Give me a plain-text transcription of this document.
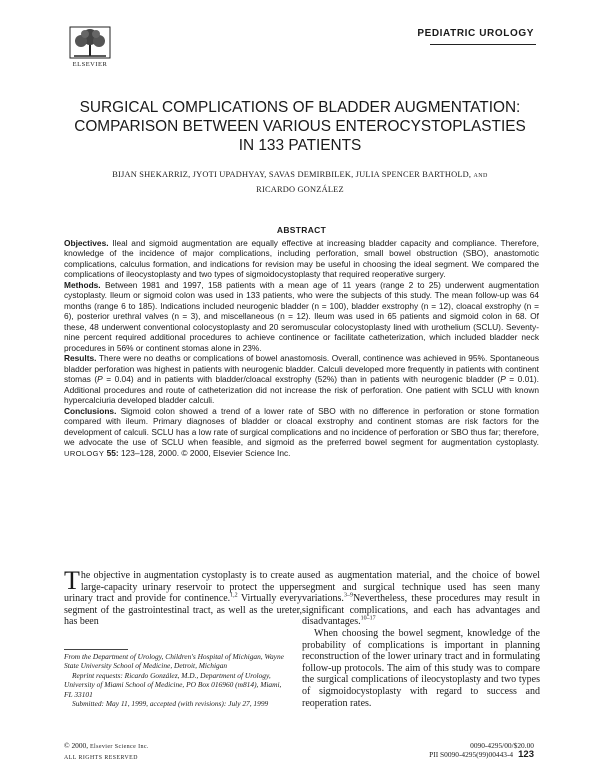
ELSEVIER
PEDIATRIC UROLOGY
SURGICAL COMPLICATIONS OF BLADDER AUGMENTATION:
COMPARISON BETWEEN VARIOUS ENTEROCYSTOPLASTIES
IN 133 PATIENTS
BIJAN SHEKARRIZ, JYOTI UPADHYAY, SAVAS DEMIRBILEK, JULIA SPENCER BARTHOLD, AND
RICARDO GONZÁLEZ
ABSTRACT

Objectives. Ileal and sigmoid augmentation are equally effective at increasing bladder capacity and compliance. Therefore, knowledge of the incidence of major complications, including perforation, small bowel obstruction (SBO), anastomotic complications, calculus formation, and indications for revision may be useful in choosing the ideal segment. We compared the complications of ileocystoplasty and two types of sigmoidocystoplasty that required reoperative surgery.

Methods. Between 1981 and 1997, 158 patients with a mean age of 11 years (range 2 to 25) underwent augmentation cystoplasty. Ileum or sigmoid colon was used in 133 patients, who were the subjects of this study. The mean follow-up was 64 months (range 6 to 185). Indications included neurogenic bladder (n = 100), bladder exstrophy (n = 12), cloacal exstrophy (n = 6), posterior urethral valves (n = 3), and miscellaneous (n = 12). Ileum was used in 65 patients and sigmoid colon in 68. Of these, 48 underwent conventional colocystoplasty and 20 seromuscular colocystoplasty lined with urothelium (SCLU). Seventy-nine percent required additional procedures to achieve continence or facilitate catheterization, which included bladder neck procedures in 56% or continent stomas alone in 23%.

Results. There were no deaths or complications of bowel anastomosis. Overall, continence was achieved in 95%. Spontaneous bladder perforation was highest in patients with neurogenic bladder. Calculi developed more frequently in patients with continent stomas (P = 0.04) and in patients with bladder/cloacal exstrophy (52%) than in patients with neurogenic bladder (P = 0.01). Additional procedures and route of catheterization did not increase the risk of perforation. One patient with SCLU with known hypercalciuria developed bladder calculi.

Conclusions. Sigmoid colon showed a trend of a lower rate of SBO with no difference in perforation or stone formation compared with ileum. Primary diagnoses of bladder or cloacal exstrophy and continent stomas are risk factors for the development of calculi. SCLU has a low rate of surgical complications and no incidence of perforation or SBO thus far; therefore, we advocate the use of SCLU when feasible, and sigmoid as the preferred bowel segment for augmentation cystoplasty. UROLOGY 55: 123–128, 2000. © 2000, Elsevier Science Inc.

The objective in augmentation cystoplasty is to create a large-capacity urinary reservoir to protect the upper urinary tract and provide for continence.$^{1,2}$ Virtually every segment of the gastrointestinal tract, as well as the ureter, has been

From the Department of Urology, Children's Hospital of Michigan, Wayne State University School of Medicine, Detroit, Michigan

Reprint requests: Ricardo González, M.D., Department of Urology, University of Miami School of Medicine, PO Box 016960 (m814), Miami, FL 33101

Submitted: May 11, 1999, accepted (with revisions): July 27, 1999

used as augmentation material, and the choice of bowel segment and surgical technique used has seen many variations.$^{3-9}$Nevertheless, these procedures may result in significant complications, and each has advantages and disadvantages.$^{10-17}$

When choosing the bowel segment, knowledge of the probability of complications is important in planning reconstruction of the lower urinary tract and in formulating follow-up protocols. The aim of this study was to compare the surgical complications of ileocystoplasty and two types of sigmoidocystoplasty with regard to success and reoperation rates.

© 2000, Elsevier Science Inc.
ALL RIGHTS RESERVED
0090-4295/00/$20.00
PII S0090-4295(99)00443-4 123
